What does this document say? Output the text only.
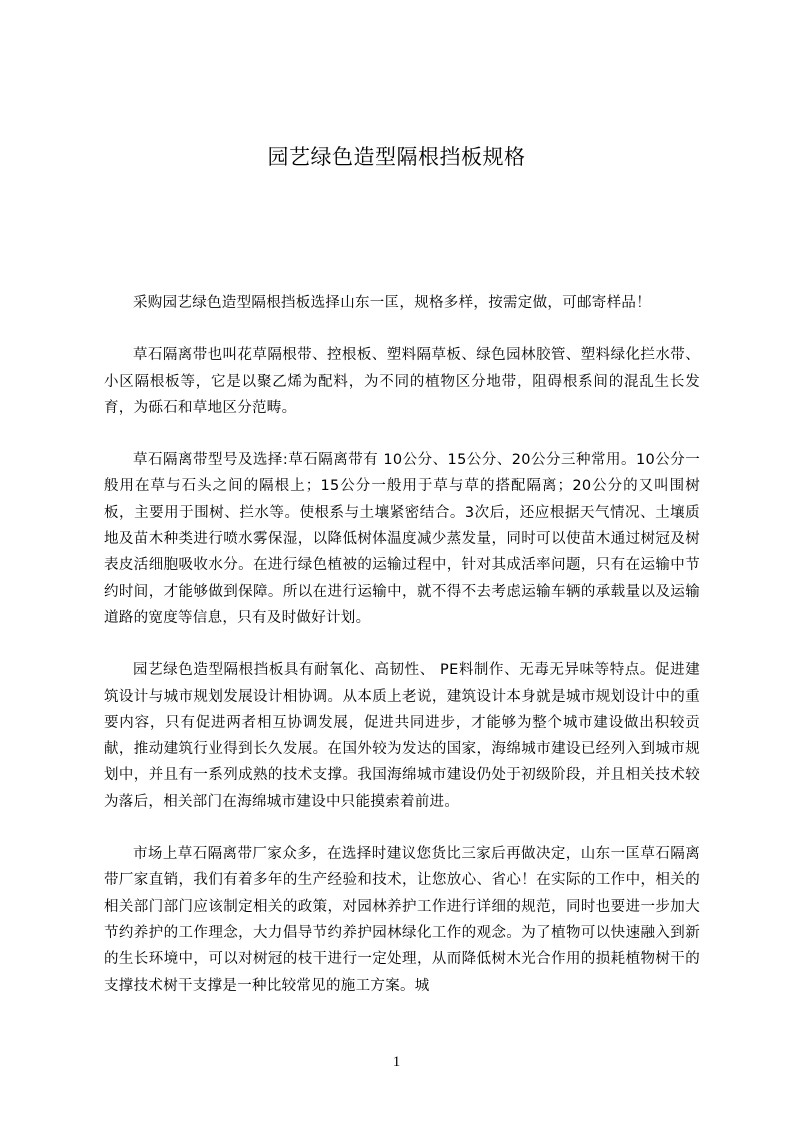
园艺绿色造型隔根挡板规格

采购园艺绿色造型隔根挡板选择山东一匡，规格多样，按需定做，可邮寄样品！

草石隔离带也叫花草隔根带、控根板、塑料隔草板、绿色园林胶管、塑料绿化拦水带、小区隔根板等，它是以聚乙烯为配料，为不同的植物区分地带，阻碍根系间的混乱生长发育，为砾石和草地区分范畴。

草石隔离带型号及选择:草石隔离带有 10公分、15公分、20公分三种常用。10公分一般用在草与石头之间的隔根上；15公分一般用于草与草的搭配隔离；20公分的又叫围树板，主要用于围树、拦水等。使根系与土壤紧密结合。3次后，还应根据天气情况、土壤质地及苗木种类进行喷水雾保湿，以降低树体温度减少蒸发量，同时可以使苗木通过树冠及树表皮活细胞吸收水分。在进行绿色植被的运输过程中，针对其成活率问题，只有在运输中节约时间，才能够做到保障。所以在进行运输中，就不得不去考虑运输车辆的承载量以及运输道路的宽度等信息，只有及时做好计划。

园艺绿色造型隔根挡板具有耐氧化、高韧性、 PE料制作、无毒无异味等特点。促进建筑设计与城市规划发展设计相协调。从本质上老说，建筑设计本身就是城市规划设计中的重要内容，只有促进两者相互协调发展，促进共同进步，才能够为整个城市建设做出积较贡献，推动建筑行业得到长久发展。在国外较为发达的国家，海绵城市建设已经列入到城市规划中，并且有一系列成熟的技术支撑。我国海绵城市建设仍处于初级阶段，并且相关技术较为落后，相关部门在海绵城市建设中只能摸索着前进。

市场上草石隔离带厂家众多，在选择时建议您货比三家后再做决定，山东一匡草石隔离带厂家直销，我们有着多年的生产经验和技术，让您放心、省心！在实际的工作中，相关的相关部门部门应该制定相关的政策，对园林养护工作进行详细的规范，同时也要进一步加大节约养护的工作理念，大力倡导节约养护园林绿化工作的观念。为了植物可以快速融入到新的生长环境中，可以对树冠的枝干进行一定处理，从而降低树木光合作用的损耗植物树干的支撑技术树干支撑是一种比较常见的施工方案。城

1
